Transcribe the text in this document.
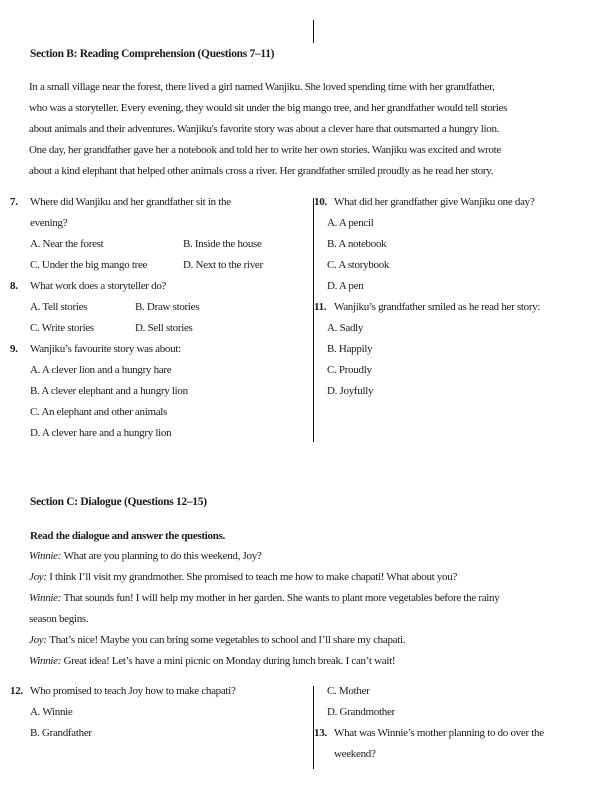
Section B: Reading Comprehension (Questions 7–11)
In a small village near the forest, there lived a girl named Wanjiku. She loved spending time with her grandfather,
who was a storyteller. Every evening, they would sit under the big mango tree, and her grandfather would tell stories
about animals and their adventures. Wanjiku's favorite story was about a clever hare that outsmarted a hungry lion.
One day, her grandfather gave her a notebook and told her to write her own stories. Wanjiku was excited and wrote
about a kind elephant that helped other animals cross a river. Her grandfather smiled proudly as he read her story.
7. Where did Wanjiku and her grandfather sit in the
evening?
A. Near the forest	B. Inside the house
C. Under the big mango tree	D. Next to the river
8. What work does a storyteller do?
A. Tell stories	B. Draw stories
C. Write stories	D. Sell stories
9. Wanjiku’s favourite story was about:
A. A clever lion and a hungry hare
B. A clever elephant and a hungry lion
C. An elephant and other animals
D. A clever hare and a hungry lion
10. What did her grandfather give Wanjiku one day?
A. A pencil
B. A notebook
C. A storybook
D. A pen
11. Wanjiku’s grandfather smiled as he read her story:
A. Sadly
B. Happily
C. Proudly
D. Joyfully
Section C: Dialogue (Questions 12–15)
Read the dialogue and answer the questions.
Winnie: What are you planning to do this weekend, Joy?
Joy: I think I’ll visit my grandmother. She promised to teach me how to make chapati! What about you?
Winnie: That sounds fun! I will help my mother in her garden. She wants to plant more vegetables before the rainy
season begins.
Joy: That’s nice! Maybe you can bring some vegetables to school and I’ll share my chapati.
Winnie: Great idea! Let’s have a mini picnic on Monday during lunch break. I can’t wait!
12. Who promised to teach Joy how to make chapati?
A. Winnie
B. Grandfather
C. Mother
D. Grandmother
13. What was Winnie’s mother planning to do over the
weekend?
